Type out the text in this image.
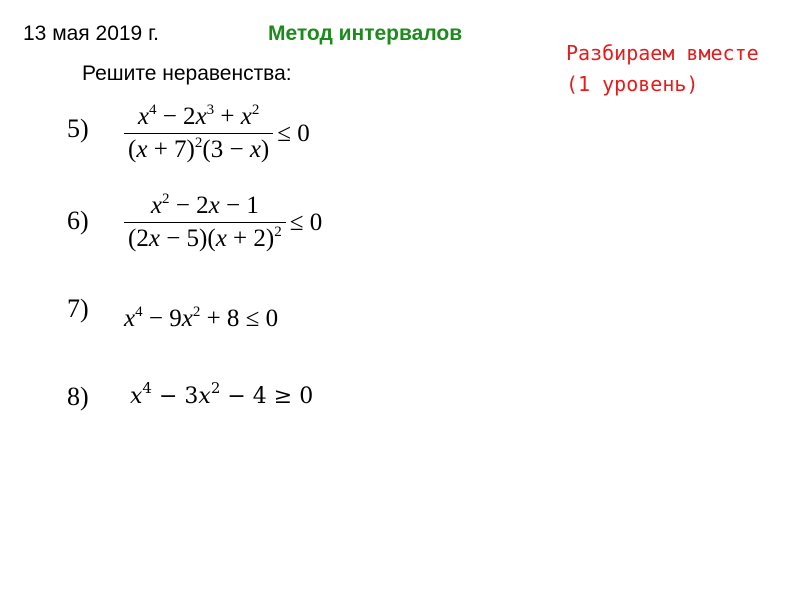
13 мая 2019 г.	Метод интервалов
Разбираем вместе
(1 уровень)
Решите неравенства:
$5) \frac{x^4 - 2x^3 + x^2}{(x + 7)^2(3 - x)} \le 0$
$6) \frac{x^2 - 2x - 1}{(2x - 5)(x + 2)^2} \le 0$
7) $x^4 - 9x^2 + 8 \le 0$
8) $x^4 - 3x^2 - 4 \ge 0$
